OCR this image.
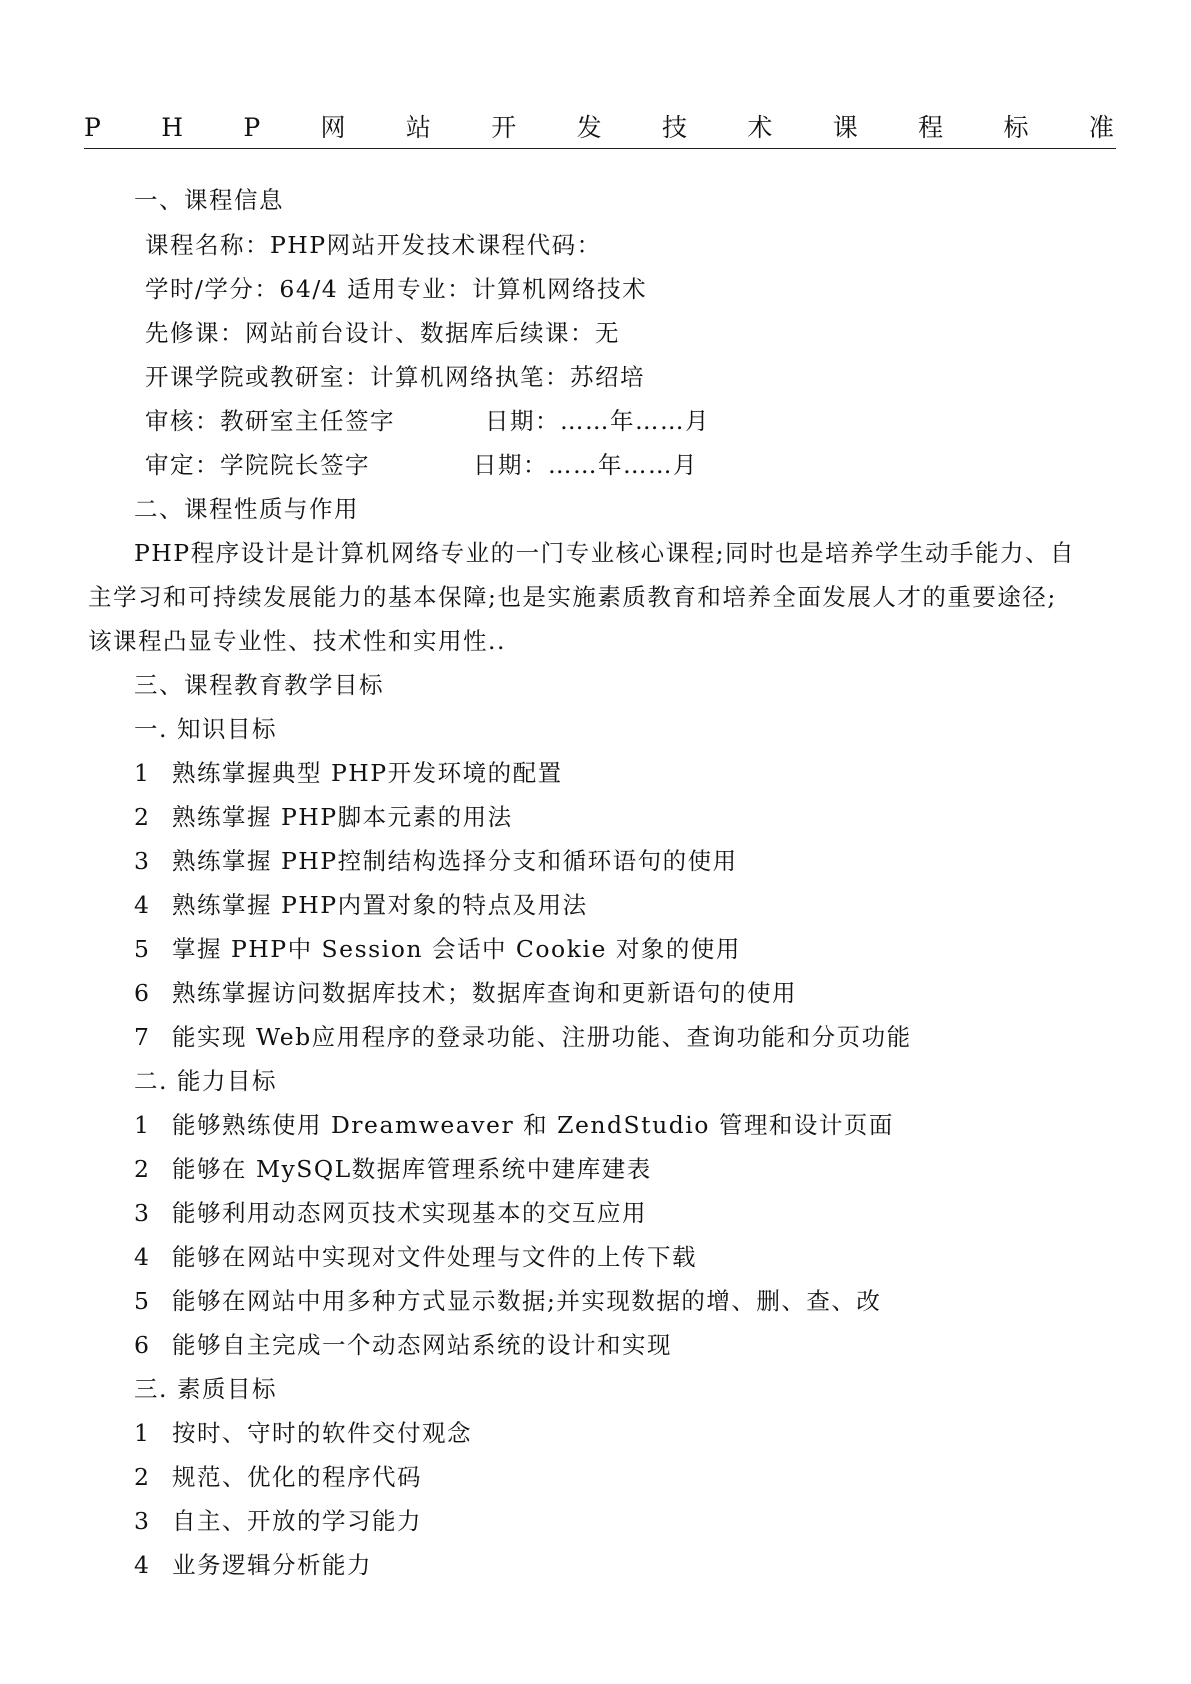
P H P 网 站 开 发 技 术 课 程 标 准
一、课程信息
课程名称：PHP网站开发技术课程代码：
学时/学分：64/4 适用专业：计算机网络技术
先修课：网站前台设计、数据库后续课：无
开课学院或教研室：计算机网络执笔：苏绍培
审核：教研室主任签字	日期：……年……月
审定：学院院长签字	日期：……年……月
二、课程性质与作用
PHP程序设计是计算机网络专业的一门专业核心课程;同时也是培养学生动手能力、自
主学习和可持续发展能力的基本保障;也是实施素质教育和培养全面发展人才的重要途径;
该课程凸显专业性、技术性和实用性..
三、课程教育教学目标
一. 知识目标
1 熟练掌握典型 PHP开发环境的配置
2 熟练掌握 PHP脚本元素的用法
3 熟练掌握 PHP控制结构选择分支和循环语句的使用
4 熟练掌握 PHP内置对象的特点及用法
5 掌握 PHP中 Session 会话中 Cookie 对象的使用
6 熟练掌握访问数据库技术；数据库查询和更新语句的使用
7 能实现 Web应用程序的登录功能、注册功能、查询功能和分页功能
二. 能力目标
1 能够熟练使用 Dreamweaver 和 ZendStudio 管理和设计页面
2 能够在 MySQL数据库管理系统中建库建表
3 能够利用动态网页技术实现基本的交互应用
4 能够在网站中实现对文件处理与文件的上传下载
5 能够在网站中用多种方式显示数据;并实现数据的增、删、查、改
6 能够自主完成一个动态网站系统的设计和实现
三. 素质目标
1 按时、守时的软件交付观念
2 规范、优化的程序代码
3 自主、开放的学习能力
4 业务逻辑分析能力
